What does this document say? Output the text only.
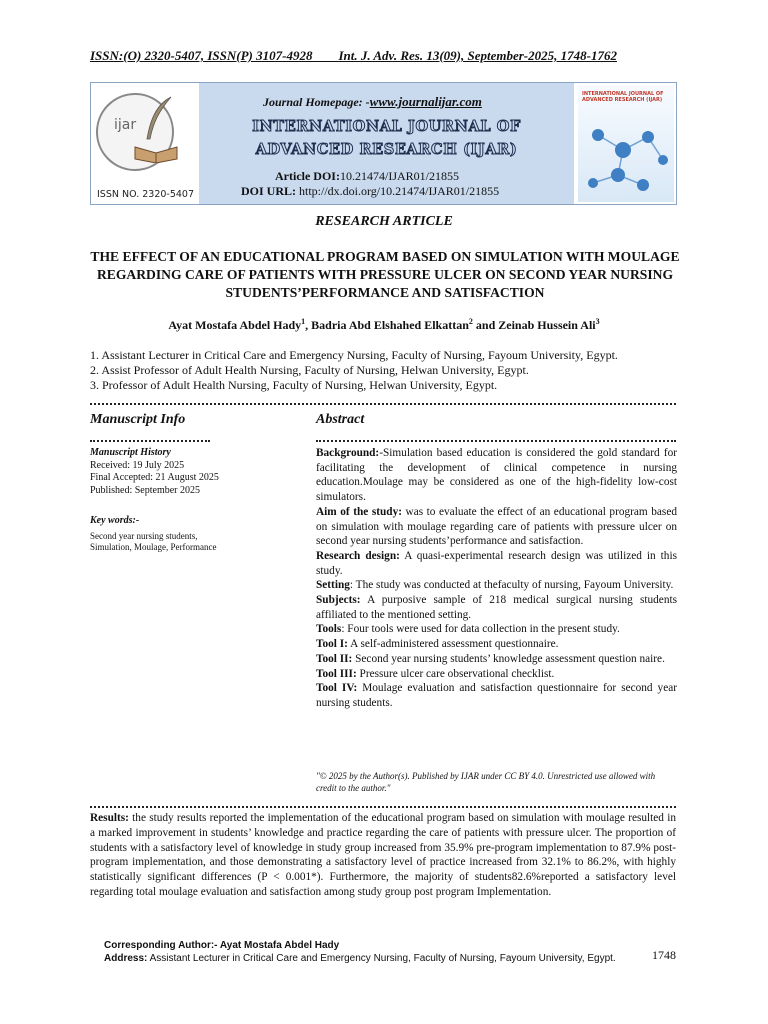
ISSN:(O) 2320-5407, ISSN(P) 3107-4928 Int. J. Adv. Res. 13(09), September-2025, 1748-1762
ijar
ISSN NO. 2320-5407
Journal Homepage: -www.journalijar.com
INTERNATIONAL JOURNAL OF
ADVANCED RESEARCH (IJAR)
Article DOI:10.21474/IJAR01/21855
DOI URL: http://dx.doi.org/10.21474/IJAR01/21855
INTERNATIONAL JOURNAL OF ADVANCED RESEARCH (IJAR)
RESEARCH ARTICLE
THE EFFECT OF AN EDUCATIONAL PROGRAM BASED ON SIMULATION WITH MOULAGE REGARDING CARE OF PATIENTS WITH PRESSURE ULCER ON SECOND YEAR NURSING STUDENTS’PERFORMANCE AND SATISFACTION
Ayat Mostafa Abdel Hady$^1$, Badria Abd Elshahed Elkattan$^2$ and Zeinab Hussein Ali$^3$
1. Assistant Lecturer in Critical Care and Emergency Nursing, Faculty of Nursing, Fayoum University, Egypt.
2. Assist Professor of Adult Health Nursing, Faculty of Nursing, Helwan University, Egypt.
3. Professor of Adult Health Nursing, Faculty of Nursing, Helwan University, Egypt.
Manuscript Info	Abstract
Manuscript History
Received: 19 July 2025
Final Accepted: 21 August 2025
Published: September 2025
Key words:-
Second year nursing students,
Simulation, Moulage, Performance

Background:-Simulation based education is considered the gold standard for facilitating the development of clinical competence in nursing education.Moulage may be considered as one of the high-fidelity low-cost simulators.

Aim of the study: was to evaluate the effect of an educational program based on simulation with moulage regarding care of patients with pressure ulcer on second year nursing students’performance and satisfaction.

Research design: A quasi-experimental research design was utilized in this study.

Setting: The study was conducted at thefaculty of nursing, Fayoum University.

Subjects: A purposive sample of 218 medical surgical nursing students affiliated to the mentioned setting.

Tools: Four tools were used for data collection in the present study.

Tool I: A self-administered assessment questionnaire.

Tool II: Second year nursing students’ knowledge assessment question naire.

Tool III: Pressure ulcer care observational checklist.

Tool IV: Moulage evaluation and satisfaction questionnaire for second year nursing students.

"© 2025 by the Author(s). Published by IJAR under CC BY 4.0. Unrestricted use allowed with credit to the author."
Results: the study results reported the implementation of the educational program based on simulation with moulage resulted in a marked improvement in students’ knowledge and practice regarding the care of patients with pressure ulcer. The proportion of students with a satisfactory level of knowledge in study group increased from 35.9% pre-program implementation to 87.9% post-program implementation, and those demonstrating a satisfactory level of practice increased from 32.1% to 86.2%, with highly statistically significant differences (P < 0.001*). Furthermore, the majority of students82.6%reported a satisfactory level regarding total moulage evaluation and satisfaction among study group post program Implementation.
Corresponding Author:- Ayat Mostafa Abdel Hady
Address: Assistant Lecturer in Critical Care and Emergency Nursing, Faculty of Nursing, Fayoum University, Egypt.	1748
